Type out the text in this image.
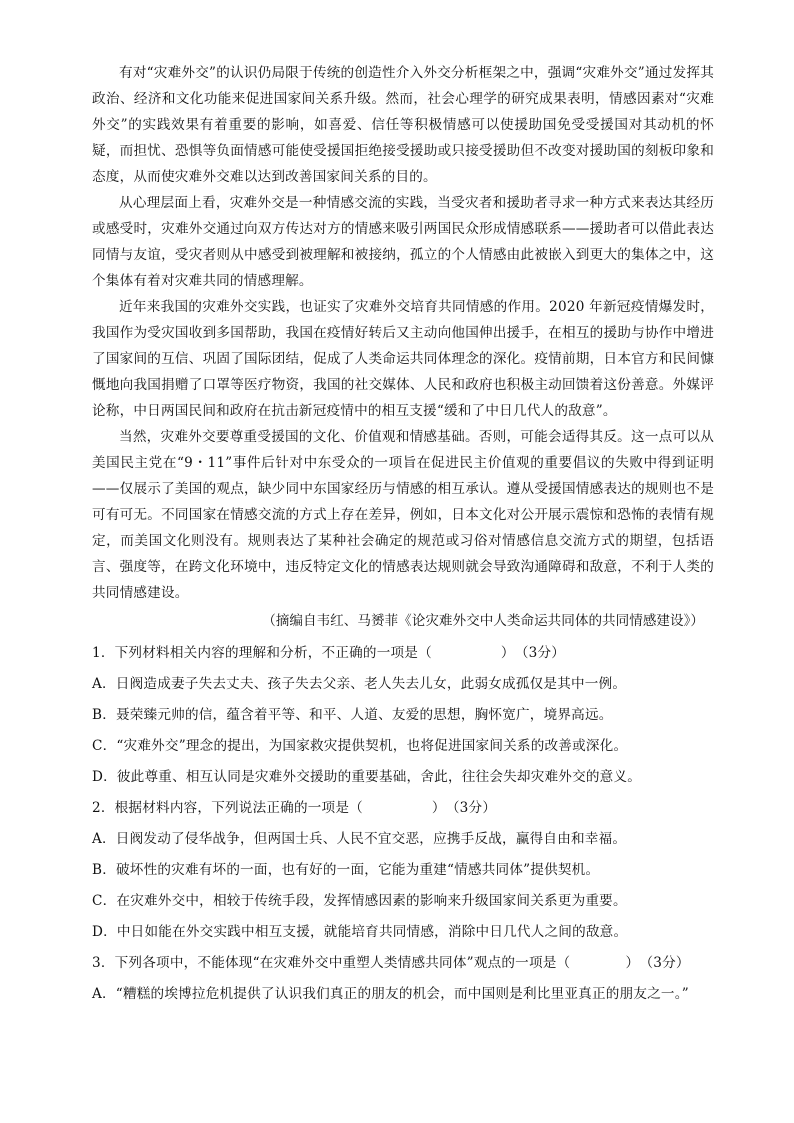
有对“灾难外交”的认识仍局限于传统的创造性介入外交分析框架之中，强调“灾难外交”通过发挥其政治、经济和文化功能来促进国家间关系升级。然而，社会心理学的研究成果表明，情感因素对“灾难外交”的实践效果有着重要的影响，如喜爱、信任等积极情感可以使援助国免受受援国对其动机的怀疑，而担忧、恐惧等负面情感可能使受援国拒绝接受援助或只接受援助但不改变对援助国的刻板印象和态度，从而使灾难外交难以达到改善国家间关系的目的。

从心理层面上看，灾难外交是一种情感交流的实践，当受灾者和援助者寻求一种方式来表达其经历或感受时，灾难外交通过向双方传达对方的情感来吸引两国民众形成情感联系——援助者可以借此表达同情与友谊，受灾者则从中感受到被理解和被接纳，孤立的个人情感由此被嵌入到更大的集体之中，这个集体有着对灾难共同的情感理解。

近年来我国的灾难外交实践，也证实了灾难外交培育共同情感的作用。2020 年新冠疫情爆发时，我国作为受灾国收到多国帮助，我国在疫情好转后又主动向他国伸出援手，在相互的援助与协作中增进了国家间的互信、巩固了国际团结，促成了人类命运共同体理念的深化。疫情前期，日本官方和民间慷慨地向我国捐赠了口罩等医疗物资，我国的社交媒体、人民和政府也积极主动回馈着这份善意。外媒评论称，中日两国民间和政府在抗击新冠疫情中的相互支援“缓和了中日几代人的敌意”。

当然，灾难外交要尊重受援国的文化、价值观和情感基础。否则，可能会适得其反。这一点可以从美国民主党在“9・11”事件后针对中东受众的一项旨在促进民主价值观的重要倡议的失败中得到证明——仅展示了美国的观点，缺少同中东国家经历与情感的相互承认。遵从受援国情感表达的规则也不是可有可无。不同国家在情感交流的方式上存在差异，例如，日本文化对公开展示震惊和恐怖的表情有规定，而美国文化则没有。规则表达了某种社会确定的规范或习俗对情感信息交流方式的期望，包括语言、强度等，在跨文化环境中，违反特定文化的情感表达规则就会导致沟通障碍和敌意，不利于人类的共同情感建设。

（摘编自韦红、马赟菲《论灾难外交中人类命运共同体的共同情感建设》）

1．下列材料相关内容的理解和分析，不正确的一项是（　　　　　）　（3分）

A．日阀造成妻子失去丈夫、孩子失去父亲、老人失去儿女，此弱女成孤仅是其中一例。

B．聂荣臻元帅的信，蕴含着平等、和平、人道、友爱的思想，胸怀宽广，境界高远。

C．“灾难外交”理念的提出，为国家救灾提供契机，也将促进国家间关系的改善或深化。

D．彼此尊重、相互认同是灾难外交援助的重要基础，舍此，往往会失却灾难外交的意义。

2．根据材料内容，下列说法正确的一项是（　　　　　）　（3分）

A．日阀发动了侵华战争，但两国士兵、人民不宜交恶，应携手反战，赢得自由和幸福。

B．破坏性的灾难有坏的一面，也有好的一面，它能为重建“情感共同体”提供契机。

C．在灾难外交中，相较于传统手段，发挥情感因素的影响来升级国家间关系更为重要。

D．中日如能在外交实践中相互支援，就能培育共同情感，消除中日几代人之间的敌意。

3．下列各项中，不能体现“在灾难外交中重塑人类情感共同体”观点的一项是（　　　　）　（3分）

A．“糟糕的埃博拉危机提供了认识我们真正的朋友的机会，而中国则是利比里亚真正的朋友之一。”
